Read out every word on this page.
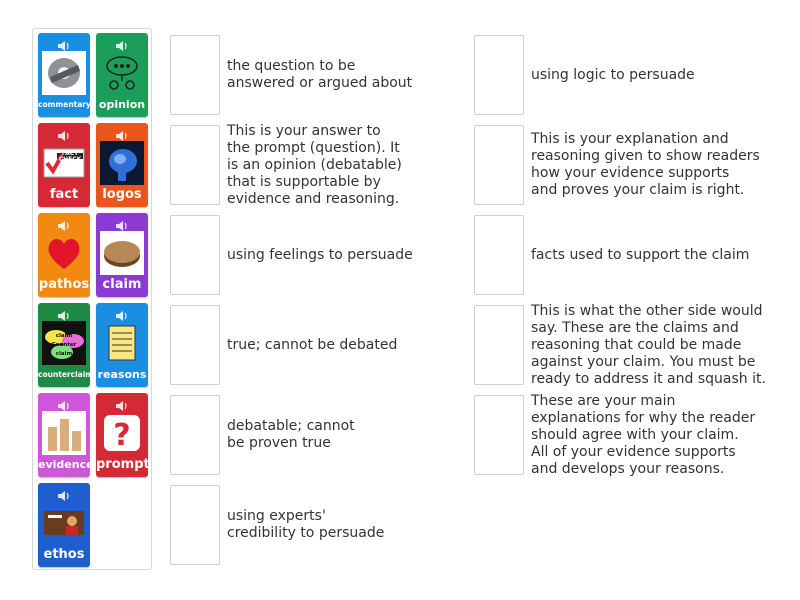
the question to be
answered or argued about
This is your answer to
the prompt (question). It
is an opinion (debatable)
that is supportable by
evidence and reasoning.
using feelings to persuade
true; cannot be debated
debatable; cannot
be proven true
using experts'
credibility to persuade
using logic to persuade
This is your explanation and
reasoning given to show readers
how your evidence supports
and proves your claim is right.
facts used to support the claim
This is what the other side would
say. These are the claims and
reasoning that could be made
against your claim. You must be
ready to address it and squash it.
These are your main
explanations for why the reader
should agree with your claim.
All of your evidence supports
and develops your reasons.
commentary opinion
FACT CHECK
fact	logos
pathos	claim
claim Counter claim
counterclaim reasons
evidence
?
prompt
ethos
